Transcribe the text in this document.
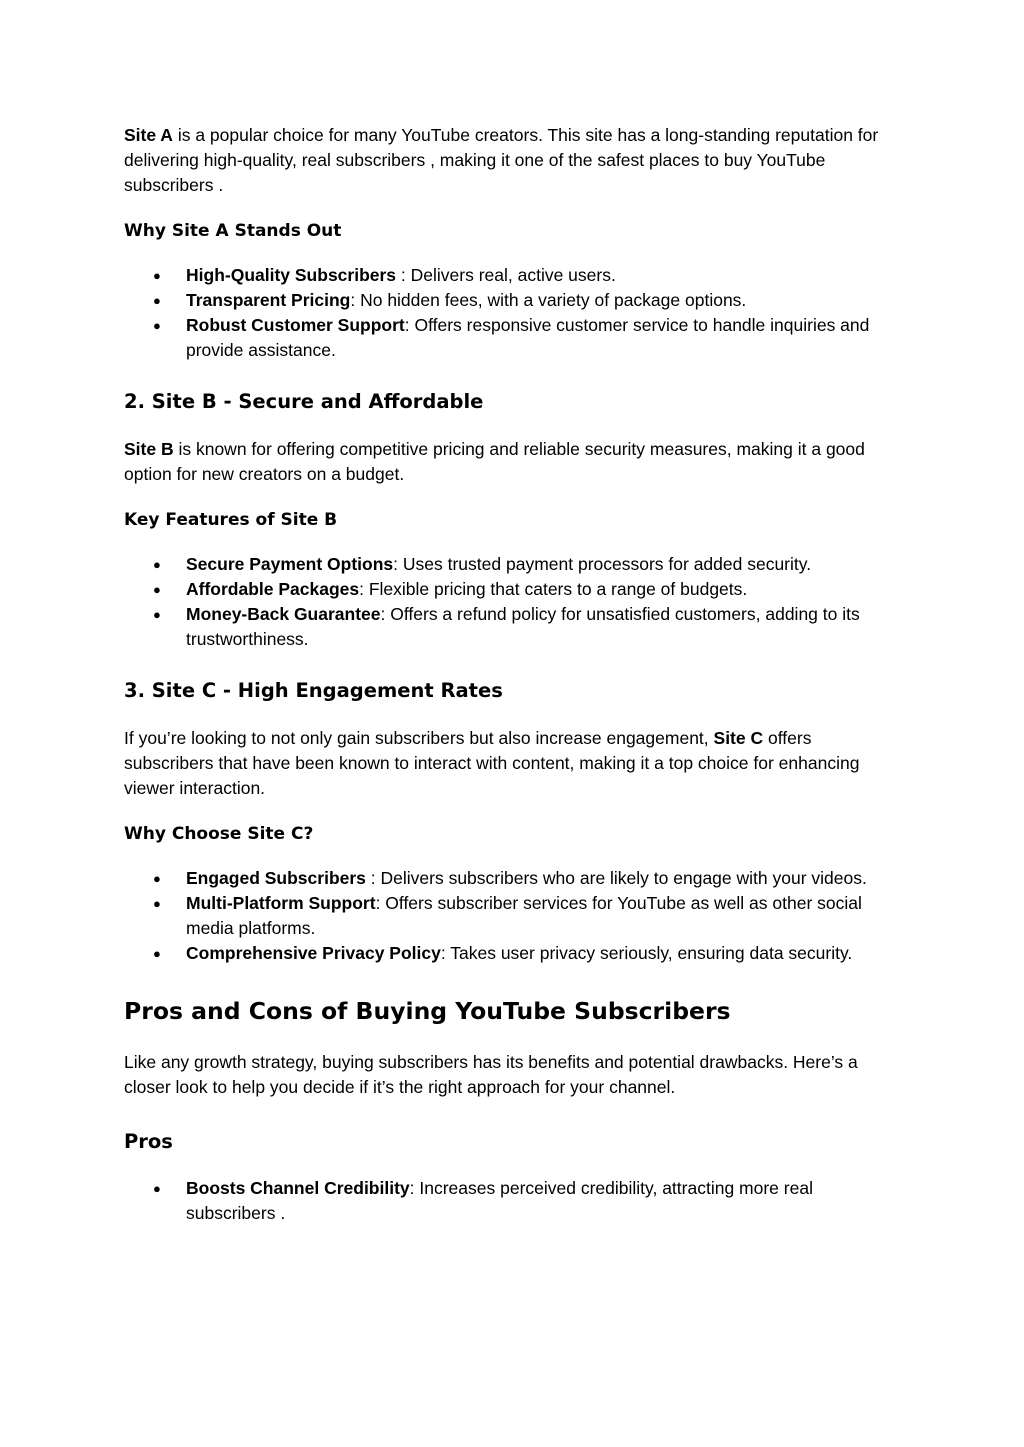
Site A is a popular choice for many YouTube creators. This site has a long-standing reputation for delivering high-quality, real subscribers , making it one of the safest places to buy YouTube subscribers .

Why Site A Stands Out
● High-Quality Subscribers : Delivers real, active users.
● Transparent Pricing: No hidden fees, with a variety of package options.
● Robust Customer Support: Offers responsive customer service to handle inquiries and provide assistance.
2. Site B - Secure and Affordable

Site B is known for offering competitive pricing and reliable security measures, making it a good option for new creators on a budget.

Key Features of Site B
● Secure Payment Options: Uses trusted payment processors for added security.
● Affordable Packages: Flexible pricing that caters to a range of budgets.
● Money-Back Guarantee: Offers a refund policy for unsatisfied customers, adding to its trustworthiness.
3. Site C - High Engagement Rates

If you’re looking to not only gain subscribers but also increase engagement, Site C offers subscribers that have been known to interact with content, making it a top choice for enhancing viewer interaction.

Why Choose Site C?
● Engaged Subscribers : Delivers subscribers who are likely to engage with your videos.
● Multi-Platform Support: Offers subscriber services for YouTube as well as other social media platforms.
● Comprehensive Privacy Policy: Takes user privacy seriously, ensuring data security.
Pros and Cons of Buying YouTube Subscribers

Like any growth strategy, buying subscribers has its benefits and potential drawbacks. Here’s a closer look to help you decide if it’s the right approach for your channel.

Pros
● Boosts Channel Credibility: Increases perceived credibility, attracting more real subscribers .
